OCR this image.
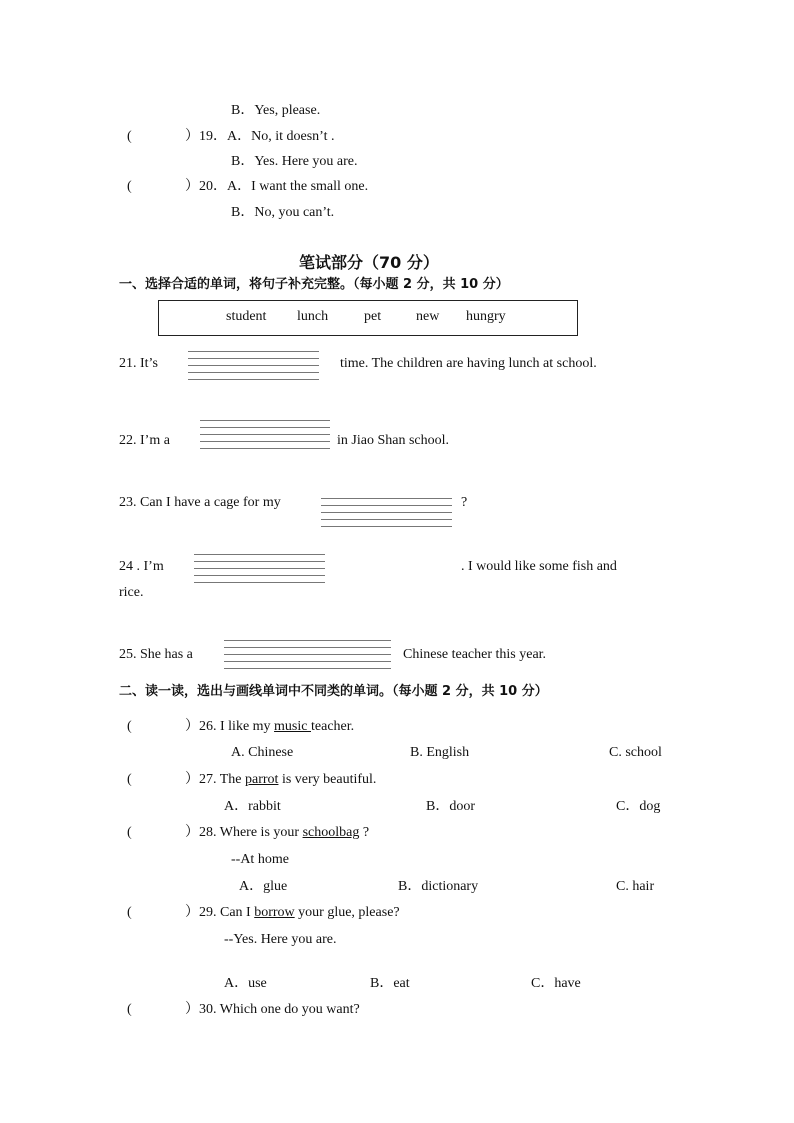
B．Yes, please.
(	）19．A．No, it doesn’t .
B．Yes. Here you are.
(	）20．A．I want the small one.
B．No, you can’t.
笔试部分（70 分）
一、选择合适的单词，将句子补充完整。（每小题 2 分，共 10 分）
student lunch	pet new hungry
21. It’s	time. The children are having lunch at school.
22. I’m a	in Jiao Shan school.
23. Can I have a cage for my	?
24 . I’m	. I would like some fish and
rice.
25. She has a	Chinese teacher this year.
二、读一读，选出与画线单词中不同类的单词。（每小题 2 分，共 10 分）
(	）26. I like my music teacher.
A. Chinese	B. English	C. school
(	）27. The parrot is very beautiful.
A．rabbit	B．door	C．dog
(	）28. Where is your schoolbag ?
--At home
A．glue	B．dictionary	C. hair
(	）29. Can I borrow your glue, please?
--Yes. Here you are.
A．use	B．eat	C．have
(	）30. Which one do you want?
